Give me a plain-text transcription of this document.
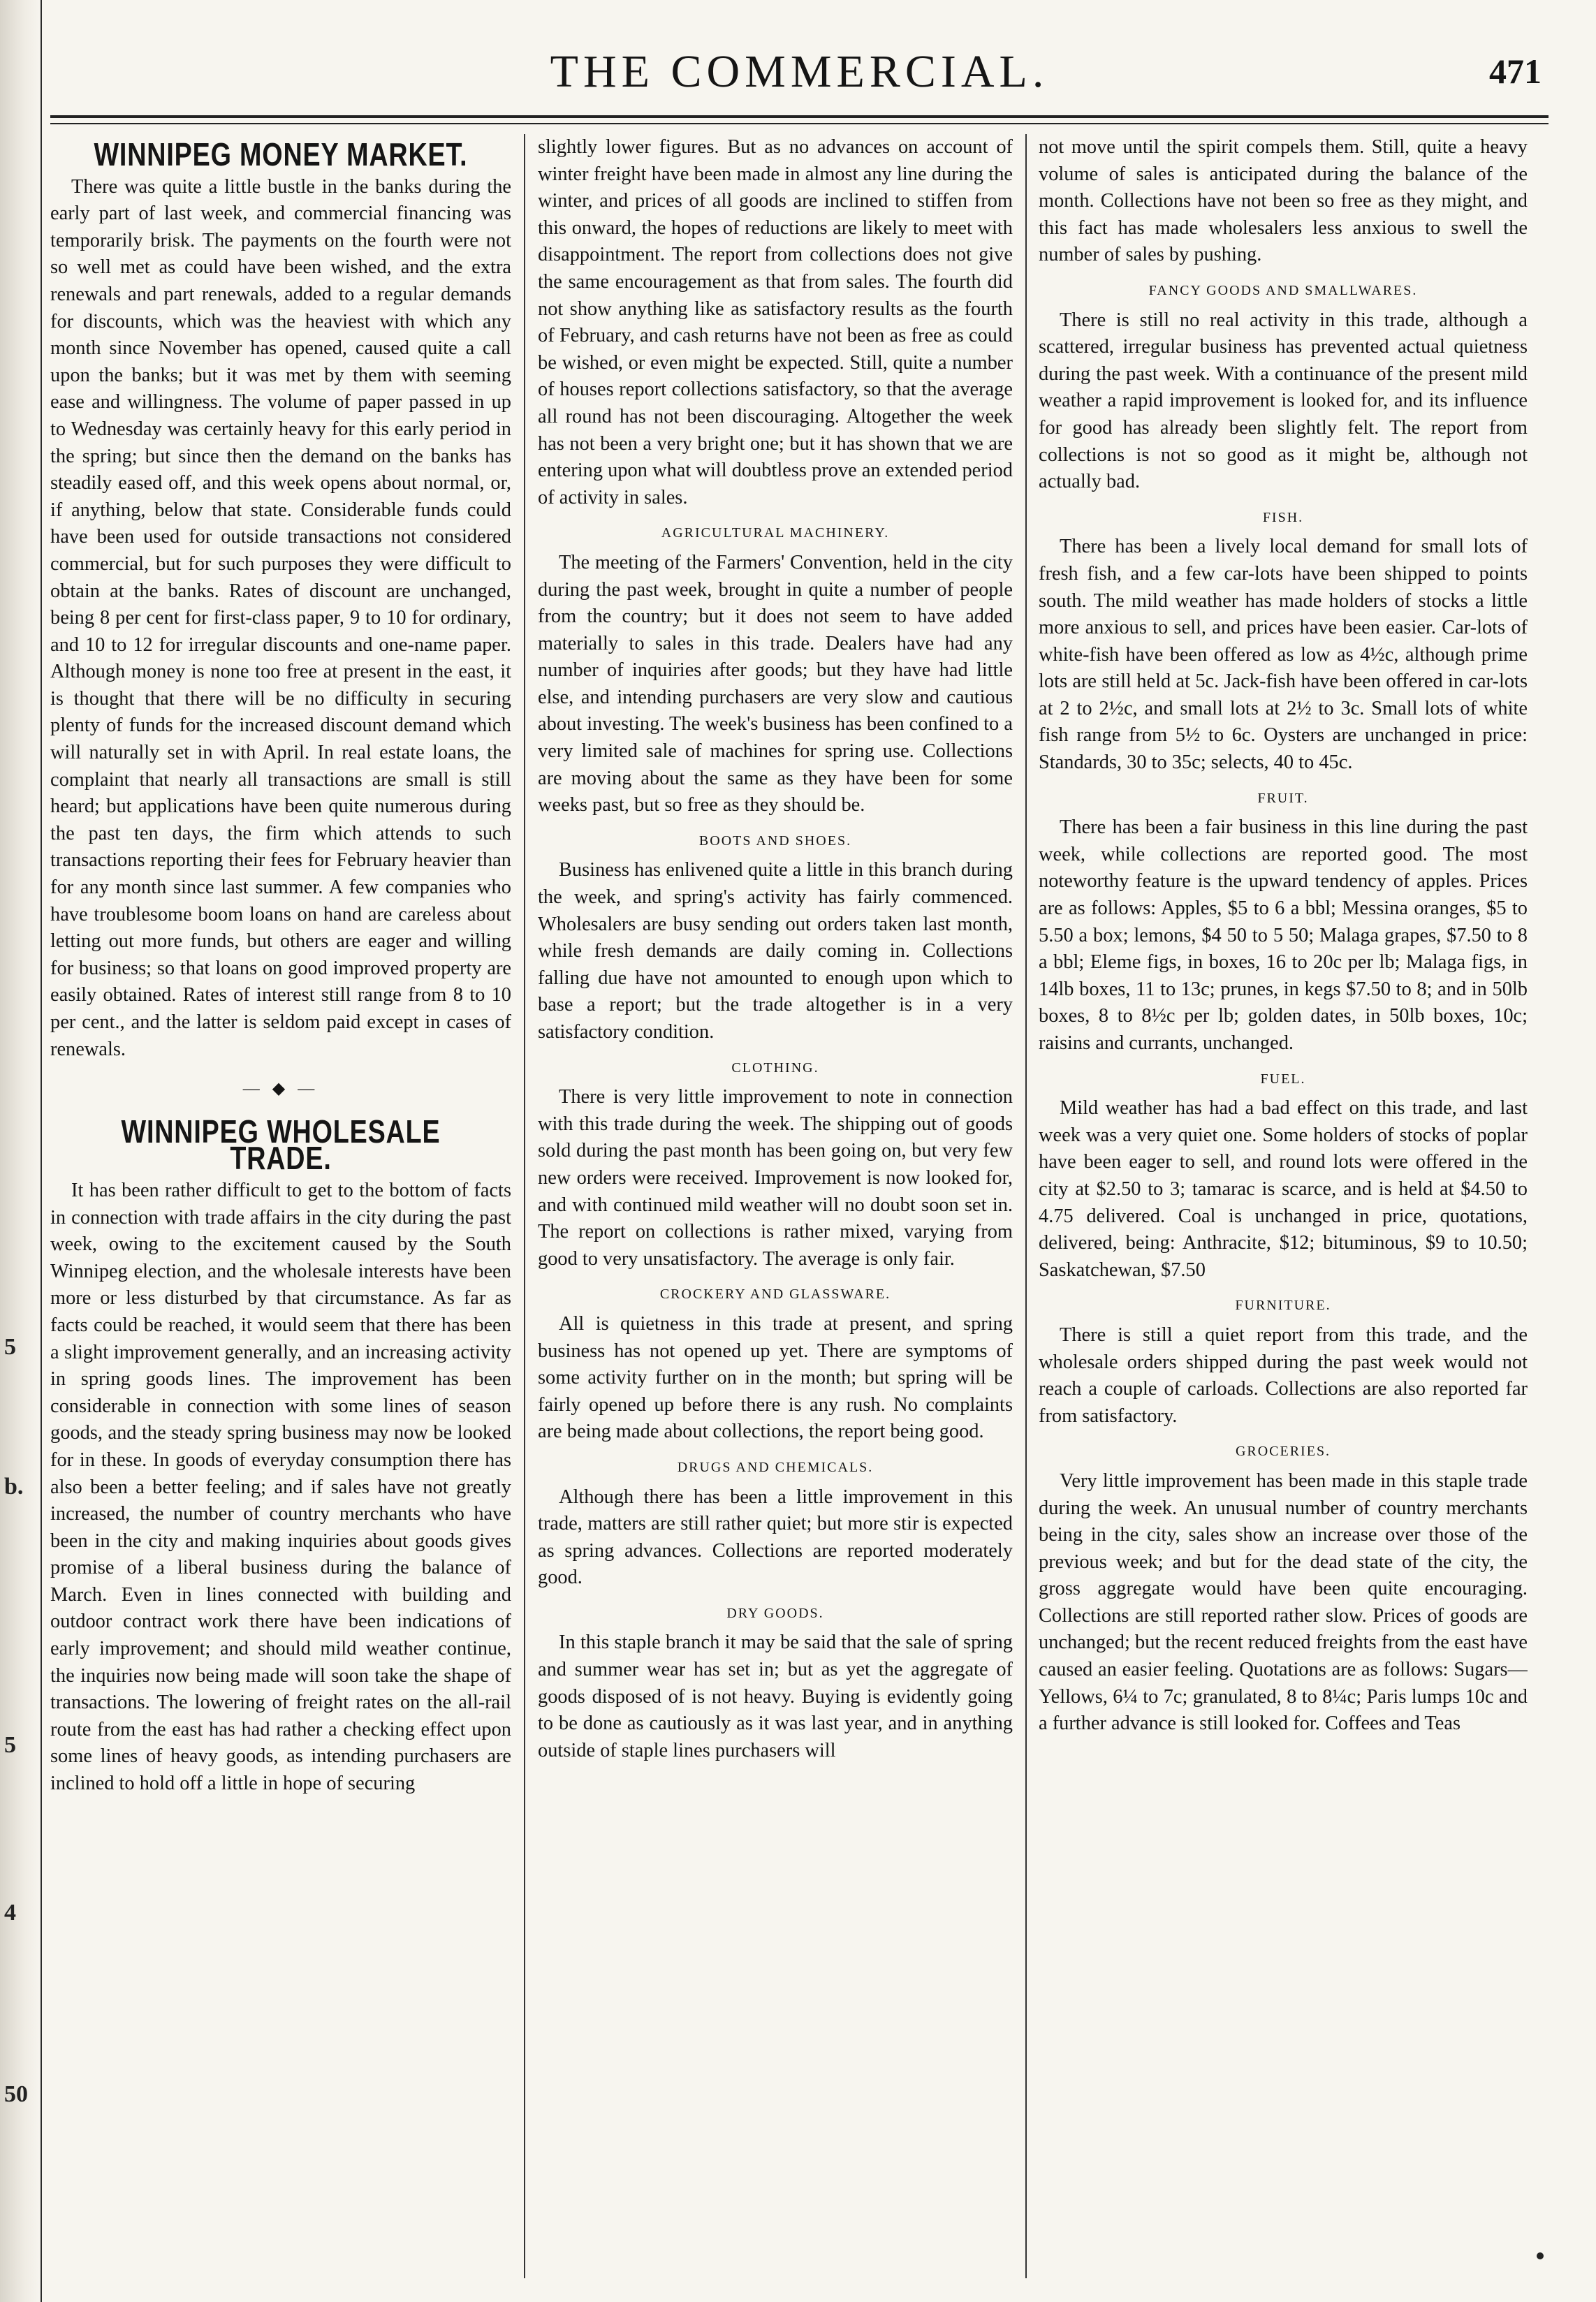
5
b.
5
4
50
THE COMMERCIAL.	471
WINNIPEG MONEY MARKET.

There was quite a little bustle in the banks during the early part of last week, and commercial financing was temporarily brisk. The payments on the fourth were not so well met as could have been wished, and the extra renewals and part renewals, added to a regular demands for discounts, which was the heaviest with which any month since November has opened, caused quite a call upon the banks; but it was met by them with seeming ease and willingness. The volume of paper passed in up to Wednesday was certainly heavy for this early period in the spring; but since then the demand on the banks has steadily eased off, and this week opens about normal, or, if anything, below that state. Considerable funds could have been used for outside transactions not considered commercial, but for such purposes they were difficult to obtain at the banks. Rates of discount are unchanged, being 8 per cent for first-class paper, 9 to 10 for ordinary, and 10 to 12 for irregular discounts and one-name paper. Although money is none too free at present in the east, it is thought that there will be no difficulty in securing plenty of funds for the increased discount demand which will naturally set in with April. In real estate loans, the complaint that nearly all transactions are small is still heard; but applications have been quite numerous during the past ten days, the firm which attends to such transactions reporting their fees for February heavier than for any month since last summer. A few companies who have troublesome boom loans on hand are careless about letting out more funds, but others are eager and willing for business; so that loans on good improved property are easily obtained. Rates of interest still range from 8 to 10 per cent., and the latter is seldom paid except in cases of renewals.

— ◆ —
WINNIPEG WHOLESALE TRADE.

It has been rather difficult to get to the bottom of facts in connection with trade affairs in the city during the past week, owing to the excitement caused by the South Winnipeg election, and the wholesale interests have been more or less disturbed by that circumstance. As far as facts could be reached, it would seem that there has been a slight improvement generally, and an increasing activity in spring goods lines. The improvement has been considerable in connection with some lines of season goods, and the steady spring business may now be looked for in these. In goods of everyday consumption there has also been a better feeling; and if sales have not greatly increased, the number of country merchants who have been in the city and making inquiries about goods gives promise of a liberal business during the balance of March. Even in lines connected with building and outdoor contract work there have been indications of early improvement; and should mild weather continue, the inquiries now being made will soon take the shape of transactions. The lowering of freight rates on the all-rail route from the east has had rather a checking effect upon some lines of heavy goods, as intending purchasers are inclined to hold off a little in hope of securing

slightly lower figures. But as no advances on account of winter freight have been made in almost any line during the winter, and prices of all goods are inclined to stiffen from this onward, the hopes of reductions are likely to meet with disappointment. The report from collections does not give the same encouragement as that from sales. The fourth did not show anything like as satisfactory results as the fourth of February, and cash returns have not been as free as could be wished, or even might be expected. Still, quite a number of houses report collections satisfactory, so that the average all round has not been discouraging. Altogether the week has not been a very bright one; but it has shown that we are entering upon what will doubtless prove an extended period of activity in sales.

AGRICULTURAL MACHINERY.

The meeting of the Farmers' Convention, held in the city during the past week, brought in quite a number of people from the country; but it does not seem to have added materially to sales in this trade. Dealers have had any number of inquiries after goods; but they have had little else, and intending purchasers are very slow and cautious about investing. The week's business has been confined to a very limited sale of machines for spring use. Collections are moving about the same as they have been for some weeks past, but so free as they should be.

BOOTS AND SHOES.

Business has enlivened quite a little in this branch during the week, and spring's activity has fairly commenced. Wholesalers are busy sending out orders taken last month, while fresh demands are daily coming in. Collections falling due have not amounted to enough upon which to base a report; but the trade altogether is in a very satisfactory condition.

CLOTHING.

There is very little improvement to note in connection with this trade during the week. The shipping out of goods sold during the past month has been going on, but very few new orders were received. Improvement is now looked for, and with continued mild weather will no doubt soon set in. The report on collections is rather mixed, varying from good to very unsatisfactory. The average is only fair.

CROCKERY AND GLASSWARE.

All is quietness in this trade at present, and spring business has not opened up yet. There are symptoms of some activity further on in the month; but spring will be fairly opened up before there is any rush. No complaints are being made about collections, the report being good.

DRUGS AND CHEMICALS.

Although there has been a little improvement in this trade, matters are still rather quiet; but more stir is expected as spring advances. Collections are reported moderately good.

DRY GOODS.

In this staple branch it may be said that the sale of spring and summer wear has set in; but as yet the aggregate of goods disposed of is not heavy. Buying is evidently going to be done as cautiously as it was last year, and in anything outside of staple lines purchasers will

not move until the spirit compels them. Still, quite a heavy volume of sales is anticipated during the balance of the month. Collections have not been so free as they might, and this fact has made wholesalers less anxious to swell the number of sales by pushing.

FANCY GOODS AND SMALLWARES.

There is still no real activity in this trade, although a scattered, irregular business has prevented actual quietness during the past week. With a continuance of the present mild weather a rapid improvement is looked for, and its influence for good has already been slightly felt. The report from collections is not so good as it might be, although not actually bad.

FISH.

There has been a lively local demand for small lots of fresh fish, and a few car-lots have been shipped to points south. The mild weather has made holders of stocks a little more anxious to sell, and prices have been easier. Car-lots of white-fish have been offered as low as 4½c, although prime lots are still held at 5c. Jack-fish have been offered in car-lots at 2 to 2½c, and small lots at 2½ to 3c. Small lots of white fish range from 5½ to 6c. Oysters are unchanged in price: Standards, 30 to 35c; selects, 40 to 45c.

FRUIT.

There has been a fair business in this line during the past week, while collections are reported good. The most noteworthy feature is the upward tendency of apples. Prices are as follows: Apples, $5 to 6 a bbl; Messina oranges, $5 to 5.50 a box; lemons, $4 50 to 5 50; Malaga grapes, $7.50 to 8 a bbl; Eleme figs, in boxes, 16 to 20c per lb; Malaga figs, in 14lb boxes, 11 to 13c; prunes, in kegs $7.50 to 8; and in 50lb boxes, 8 to 8½c per lb; golden dates, in 50lb boxes, 10c; raisins and currants, unchanged.

FUEL.

Mild weather has had a bad effect on this trade, and last week was a very quiet one. Some holders of stocks of poplar have been eager to sell, and round lots were offered in the city at $2.50 to 3; tamarac is scarce, and is held at $4.50 to 4.75 delivered. Coal is unchanged in price, quotations, delivered, being: Anthracite, $12; bituminous, $9 to 10.50; Saskatchewan, $7.50

FURNITURE.

There is still a quiet report from this trade, and the wholesale orders shipped during the past week would not reach a couple of carloads. Collections are also reported far from satisfactory.

GROCERIES.

Very little improvement has been made in this staple trade during the week. An unusual number of country merchants being in the city, sales show an increase over those of the previous week; and but for the dead state of the city, the gross aggregate would have been quite encouraging. Collections are still reported rather slow. Prices of goods are unchanged; but the recent reduced freights from the east have caused an easier feeling. Quotations are as follows: Sugars—Yellows, 6¼ to 7c; granulated, 8 to 8¼c; Paris lumps 10c and a further advance is still looked for. Coffees and Teas
